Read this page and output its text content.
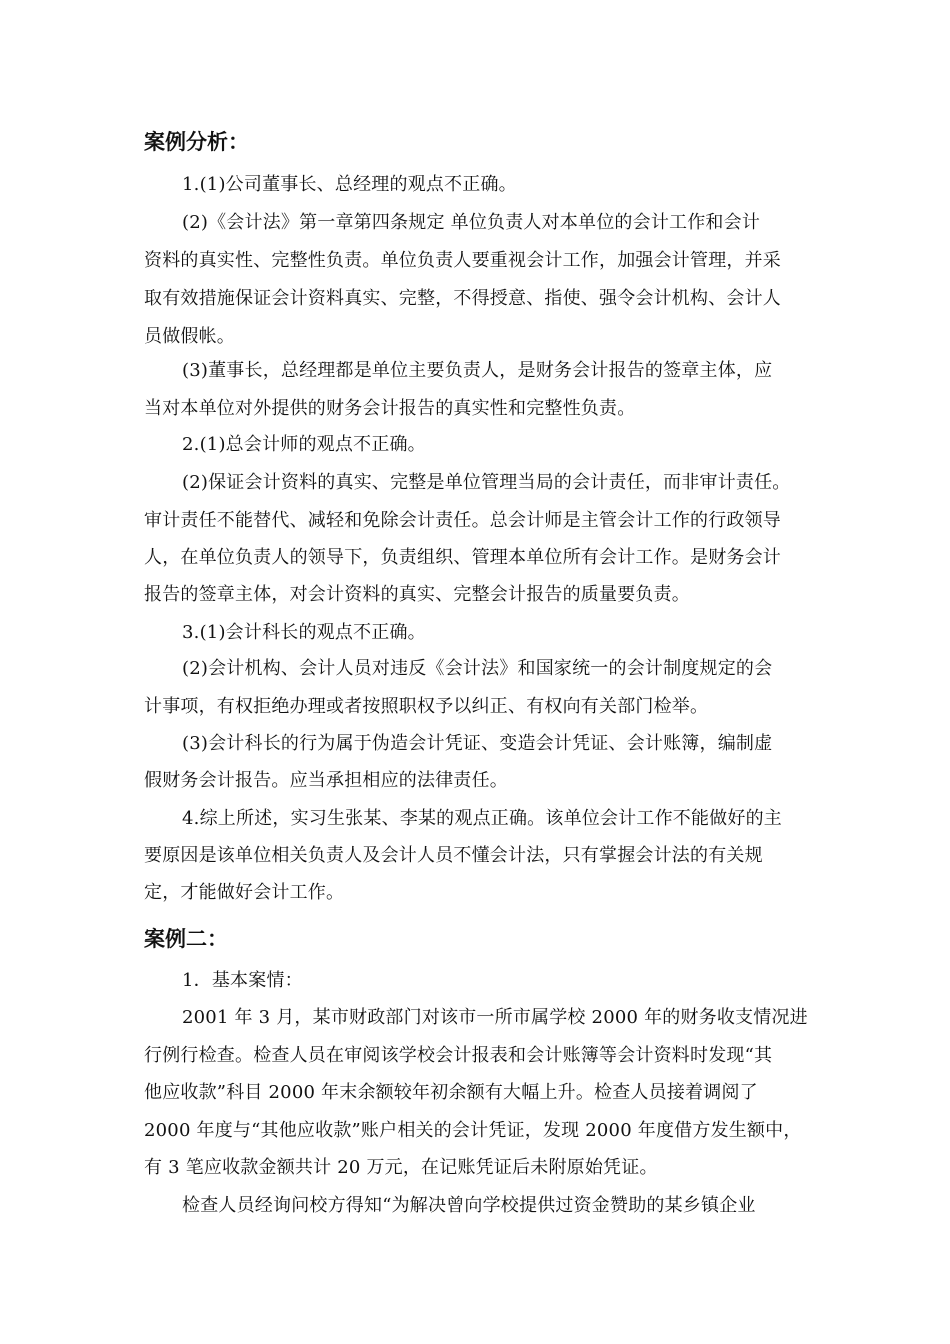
案例分析：
1.(1)公司董事长、总经理的观点不正确。
(2)《会计法》第一章第四条规定 单位负责人对本单位的会计工作和会计
资料的真实性、完整性负责。单位负责人要重视会计工作，加强会计管理，并采
取有效措施保证会计资料真实、完整，不得授意、指使、强令会计机构、会计人
员做假帐。
(3)董事长，总经理都是单位主要负责人，是财务会计报告的签章主体，应
当对本单位对外提供的财务会计报告的真实性和完整性负责。
2.(1)总会计师的观点不正确。
(2)保证会计资料的真实、完整是单位管理当局的会计责任，而非审计责任。
审计责任不能替代、减轻和免除会计责任。总会计师是主管会计工作的行政领导
人，在单位负责人的领导下，负责组织、管理本单位所有会计工作。是财务会计
报告的签章主体，对会计资料的真实、完整会计报告的质量要负责。
3.(1)会计科长的观点不正确。
(2)会计机构、会计人员对违反《会计法》和国家统一的会计制度规定的会
计事项，有权拒绝办理或者按照职权予以纠正、有权向有关部门检举。
(3)会计科长的行为属于伪造会计凭证、变造会计凭证、会计账簿，编制虚
假财务会计报告。应当承担相应的法律责任。
4.综上所述，实习生张某、李某的观点正确。该单位会计工作不能做好的主
要原因是该单位相关负责人及会计人员不懂会计法，只有掌握会计法的有关规
定，才能做好会计工作。
案例二：
1．基本案情：
2001 年 3 月，某市财政部门对该市一所市属学校 2000 年的财务收支情况进
行例行检查。检查人员在审阅该学校会计报表和会计账簿等会计资料时发现“其
他应收款”科目 2000 年末余额较年初余额有大幅上升。检查人员接着调阅了
2000 年度与“其他应收款”账户相关的会计凭证，发现 2000 年度借方发生额中，
有 3 笔应收款金额共计 20 万元，在记账凭证后未附原始凭证。
检查人员经询问校方得知“为解决曾向学校提供过资金赞助的某乡镇企业
